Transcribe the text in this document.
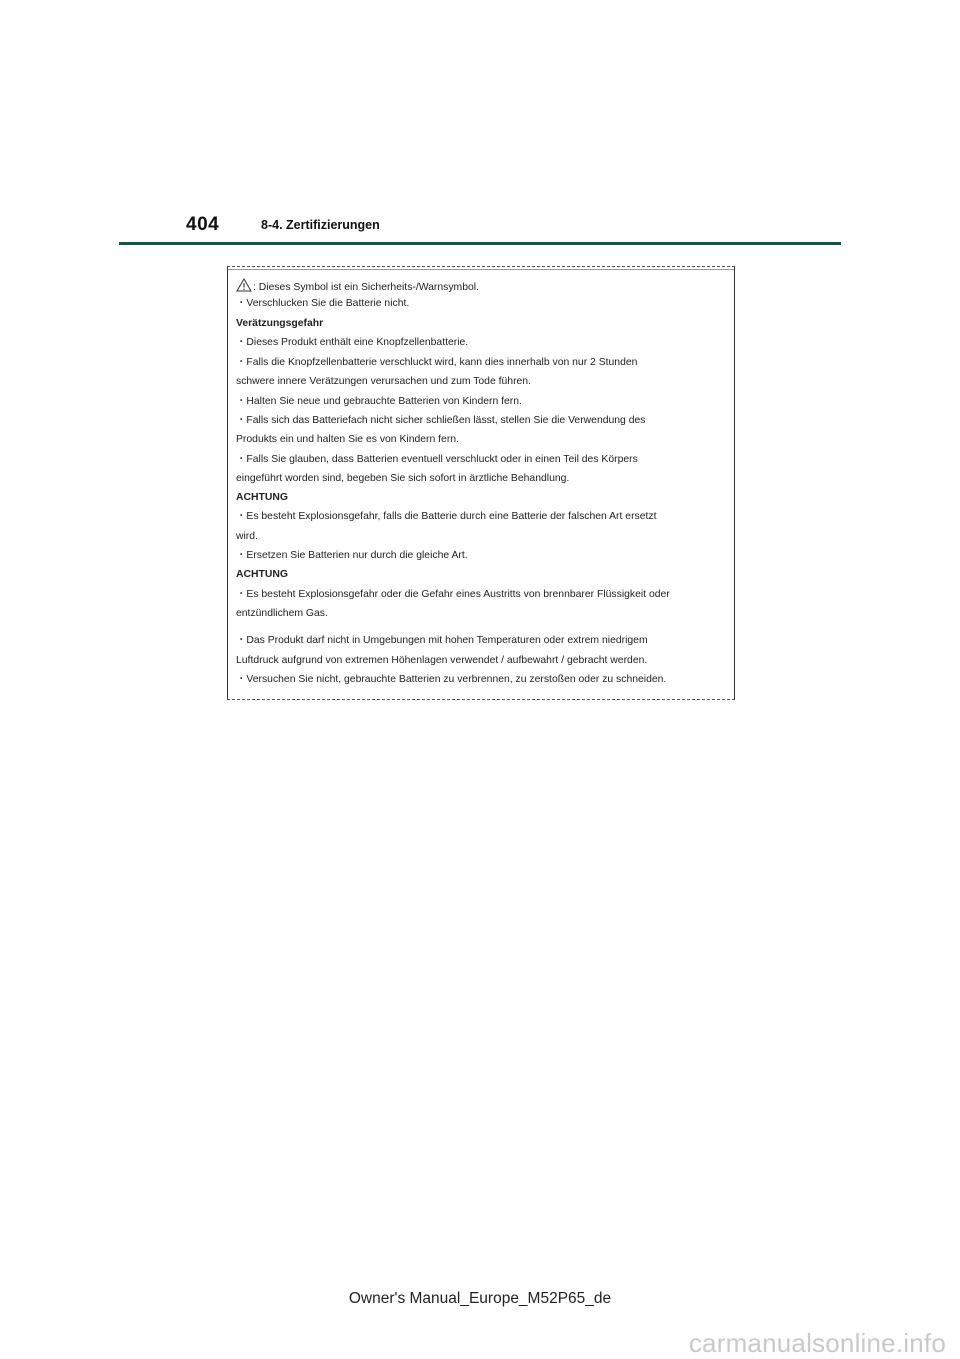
404	8-4. Zertifizierungen
: Dieses Symbol ist ein Sicherheits-/Warnsymbol.
・Verschlucken Sie die Batterie nicht.
Verätzungsgefahr
・Dieses Produkt enthält eine Knopfzellenbatterie.
・Falls die Knopfzellenbatterie verschluckt wird, kann dies innerhalb von nur 2 Stunden
schwere innere Verätzungen verursachen und zum Tode führen.
・Halten Sie neue und gebrauchte Batterien von Kindern fern.
・Falls sich das Batteriefach nicht sicher schließen lässt, stellen Sie die Verwendung des
Produkts ein und halten Sie es von Kindern fern.
・Falls Sie glauben, dass Batterien eventuell verschluckt oder in einen Teil des Körpers
eingeführt worden sind, begeben Sie sich sofort in ärztliche Behandlung.
ACHTUNG
・Es besteht Explosionsgefahr, falls die Batterie durch eine Batterie der falschen Art ersetzt
wird.
・Ersetzen Sie Batterien nur durch die gleiche Art.
ACHTUNG
・Es besteht Explosionsgefahr oder die Gefahr eines Austritts von brennbarer Flüssigkeit oder
entzündlichem Gas.
・Das Produkt darf nicht in Umgebungen mit hohen Temperaturen oder extrem niedrigem
Luftdruck aufgrund von extremen Höhenlagen verwendet / aufbewahrt / gebracht werden.
・Versuchen Sie nicht, gebrauchte Batterien zu verbrennen, zu zerstoßen oder zu schneiden.
Owner's Manual_Europe_M52P65_de
carmanualsonline.info
